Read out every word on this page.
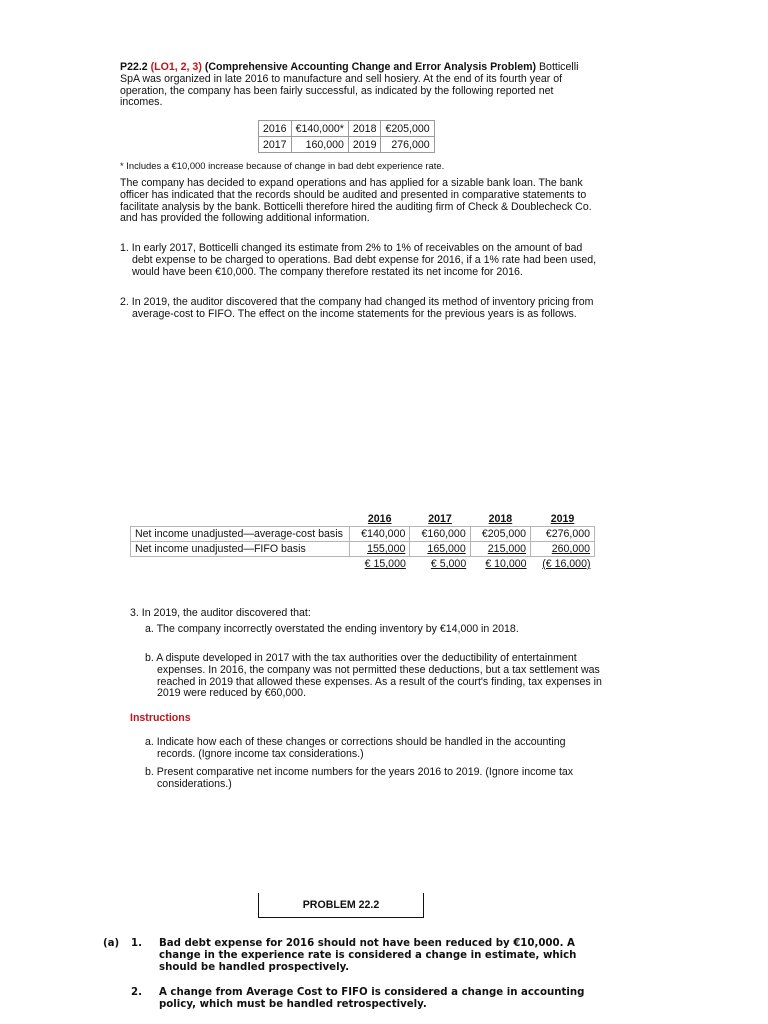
P22.2 (LO1, 2, 3) (Comprehensive Accounting Change and Error Analysis Problem) Botticelli SpA was organized in late 2016 to manufacture and sell hosiery. At the end of its fourth year of operation, the company has been fairly successful, as indicated by the following reported net incomes.
2016	€140,000*	2018	€205,000
2017	160,000	2019	276,000
* Includes a €10,000 increase because of change in bad debt experience rate.
The company has decided to expand operations and has applied for a sizable bank loan. The bank officer has indicated that the records should be audited and presented in comparative statements to facilitate analysis by the bank. Botticelli therefore hired the auditing firm of Check & Doublecheck Co. and has provided the following additional information.
1. In early 2017, Botticelli changed its estimate from 2% to 1% of receivables on the amount of bad debt expense to be charged to operations. Bad debt expense for 2016, if a 1% rate had been used, would have been €10,000. The company therefore restated its net income for 2016.
2. In 2019, the auditor discovered that the company had changed its method of inventory pricing from average-cost to FIFO. The effect on the income statements for the previous years is as follows.
	2016	2017	2018	2019
Net income unadjusted—average-cost basis	€140,000	€160,000	€205,000	€276,000
Net income unadjusted—FIFO basis	155,000	165,000	215,000	260,000
	€ 15,000	€ 5,000	€ 10,000	(€ 16,000)
3. In 2019, the auditor discovered that:
a. The company incorrectly overstated the ending inventory by €14,000 in 2018.
b. A dispute developed in 2017 with the tax authorities over the deductibility of entertainment expenses. In 2016, the company was not permitted these deductions, but a tax settlement was reached in 2019 that allowed these expenses. As a result of the court's finding, tax expenses in 2019 were reduced by €60,000.
Instructions
a. Indicate how each of these changes or corrections should be handled in the accounting records. (Ignore income tax considerations.)
b. Present comparative net income numbers for the years 2016 to 2019. (Ignore income tax considerations.)
PROBLEM 22.2
(a) 1. Bad debt expense for 2016 should not have been reduced by €10,000. A change in the experience rate is considered a change in estimate, which should be handled prospectively.
2. A change from Average Cost to FIFO is considered a change in accounting policy, which must be handled retrospectively.
